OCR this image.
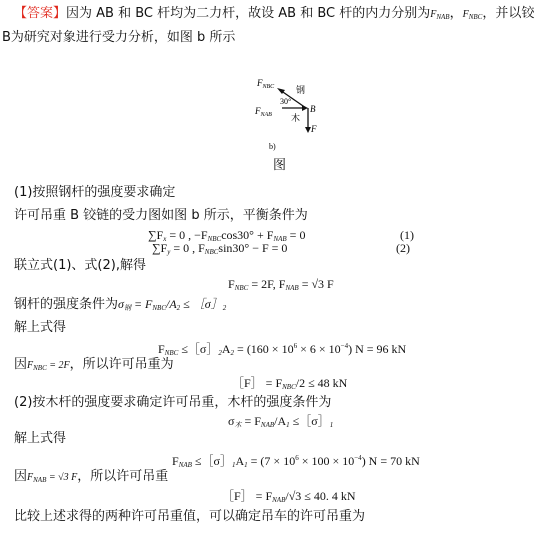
【答案】因为 AB 和 BC 杆均为二力杆，故设 AB 和 BC 杆的内力分别为$F_{NAB}$，$F_{NBC}$，并以铰
B为研究对象进行受力分析，如图 b 所示
$F_{NBC}$ 钢
30°
B
$F_{NAB}$ 木
F
b)
图
(1)按照钢杆的强度要求确定
许可吊重 B 铰链的受力图如图 b 所示，平衡条件为
$\sum F_x = 0$ , $-F_{NBC}\cos 30^\circ + F_{NAB} = 0$	(1)
$\sum F_y = 0$ , $F_{NBC}\sin 30^\circ - F = 0$	(2)
联立式(1)、式(2),解得
$F_{NBC} = 2F$, $F_{NAB} = √3$ F
钢杆的强度条件为$\sigma_钢 = F_{NBC}/A_2$ ≤ $[\sigma]_2$
解上式得
$F_{NBC}$ $\le[\sigma]_2A_2 = (160 \times 10^6 \times 6 \times 10^{-4}) N = 96$ kN
因$F_{NBC} = 2F$，所以许可吊重为
［F］ = $F_{NBC}/2 \le 48$ kN
(2)按木杆的强度要求确定许可吊重，木杆的强度条件为
$\sigma_木 = F_{NAB}/A_1$ $\le[\sigma]_1$
解上式得
$F_{NAB}$ $\le[\sigma]_1A_1 = (7 \times 10^6 \times 100 \times 10^{-4}) N = 70$ kN
因$F_{NAB} = √3$ F，所以许可吊重
［F］ = $F_{NAB}/√3 \le 40$. 4 kN
比较上述求得的两种许可吊重值，可以确定吊车的许可吊重为
